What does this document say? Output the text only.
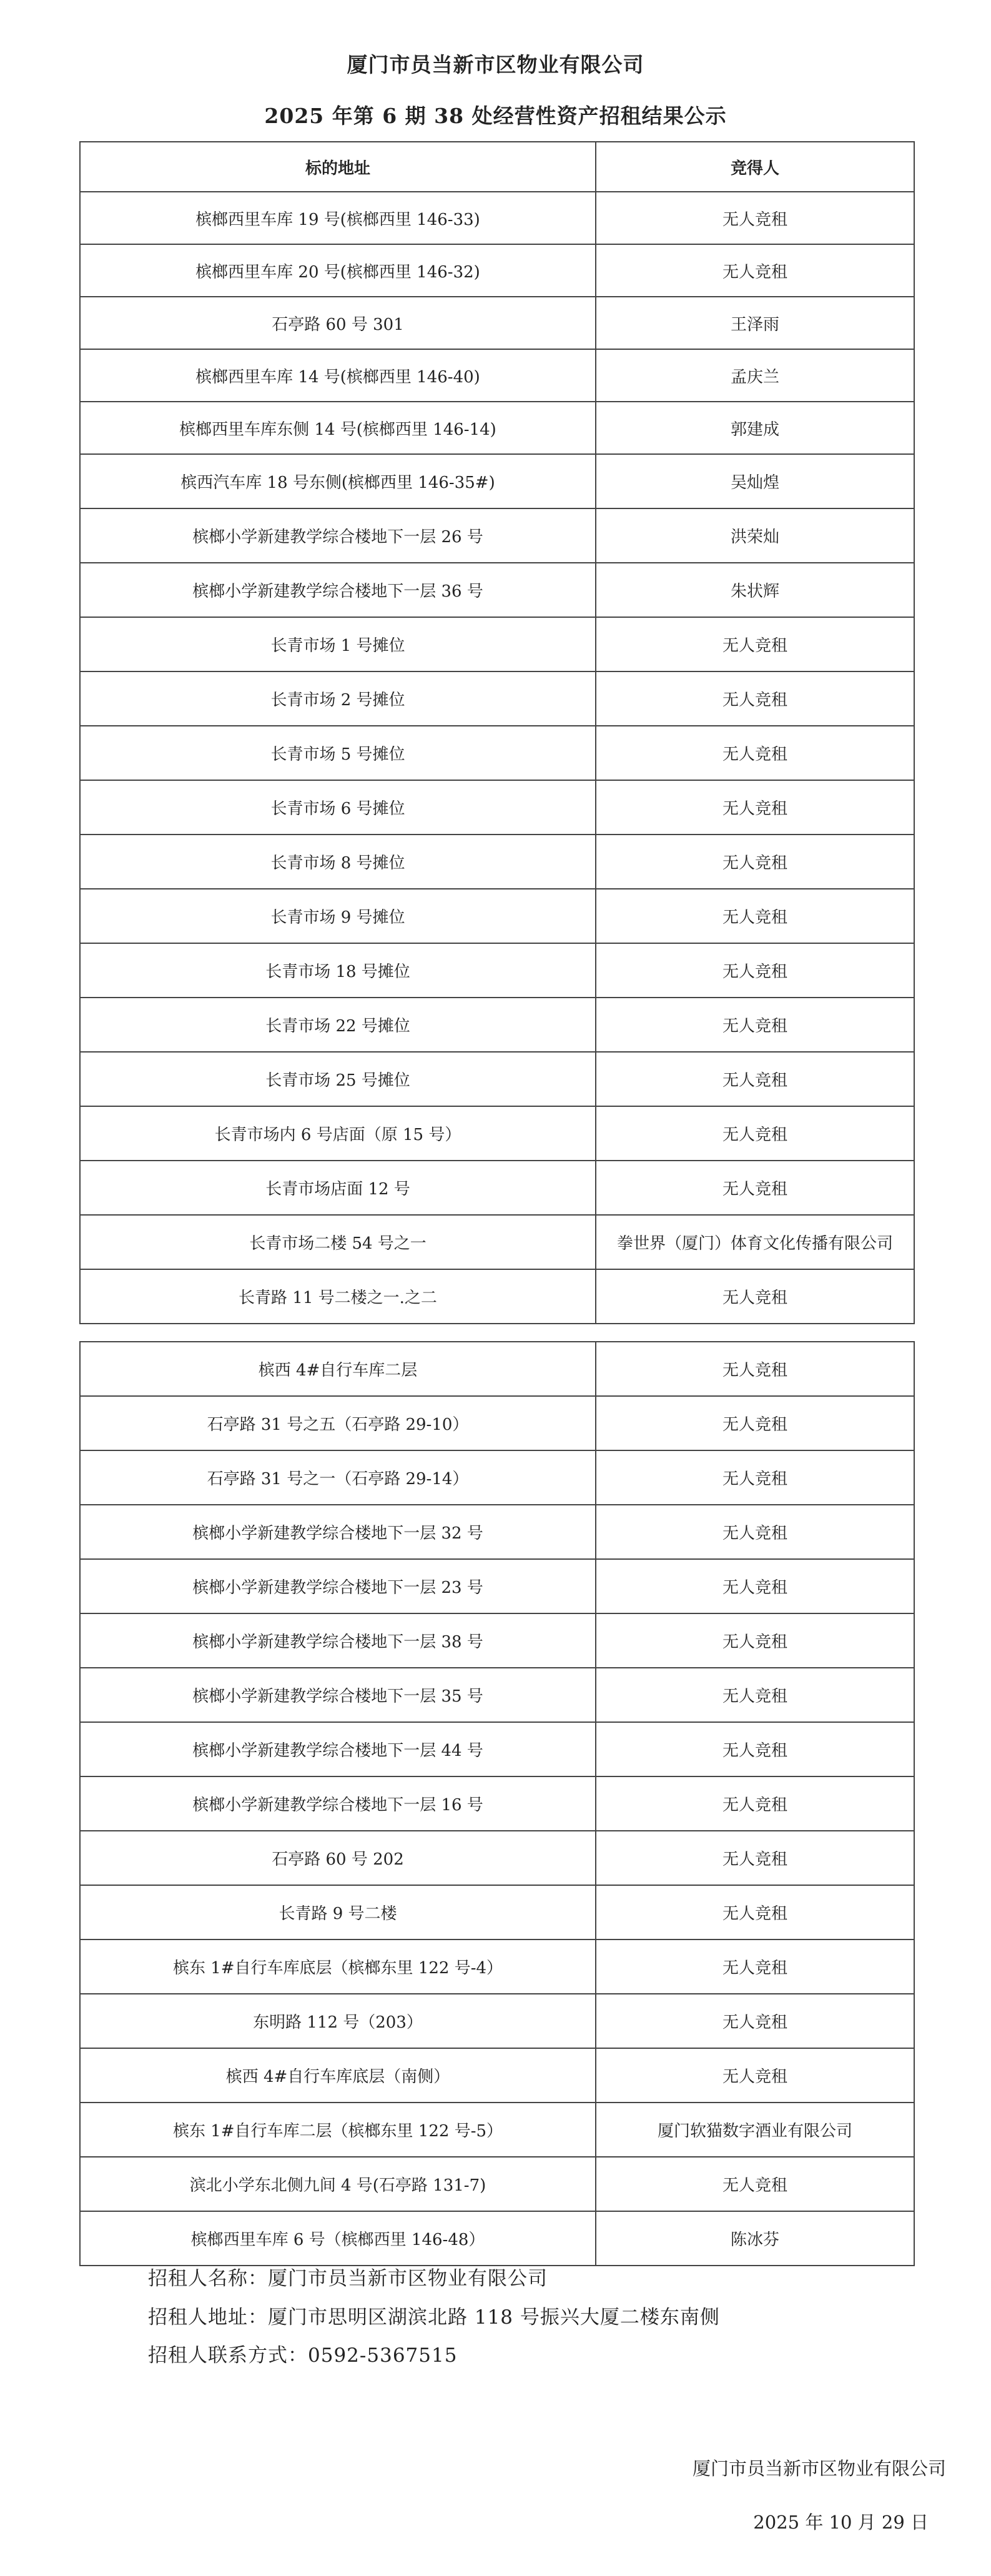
厦门市员当新市区物业有限公司
2025 年第 6 期 38 处经营性资产招租结果公示
标的地址	竞得人
槟榔西里车库 19 号(槟榔西里 146-33)	无人竞租
槟榔西里车库 20 号(槟榔西里 146-32)	无人竞租
石亭路 60 号 301	王泽雨
槟榔西里车库 14 号(槟榔西里 146-40)	孟庆兰
槟榔西里车库东侧 14 号(槟榔西里 146-14)	郭建成
槟西汽车库 18 号东侧(槟榔西里 146-35#)	吴灿煌
槟榔小学新建教学综合楼地下一层 26 号	洪荣灿
槟榔小学新建教学综合楼地下一层 36 号	朱状辉
长青市场 1 号摊位	无人竞租
长青市场 2 号摊位	无人竞租
长青市场 5 号摊位	无人竞租
长青市场 6 号摊位	无人竞租
长青市场 8 号摊位	无人竞租
长青市场 9 号摊位	无人竞租
长青市场 18 号摊位	无人竞租
长青市场 22 号摊位	无人竞租
长青市场 25 号摊位	无人竞租
长青市场内 6 号店面（原 15 号）	无人竞租
长青市场店面 12 号	无人竞租
长青市场二楼 54 号之一	拳世界（厦门）体育文化传播有限公司
长青路 11 号二楼之一.之二	无人竞租
槟西 4#自行车库二层	无人竞租
石亭路 31 号之五（石亭路 29-10）	无人竞租
石亭路 31 号之一（石亭路 29-14）	无人竞租
槟榔小学新建教学综合楼地下一层 32 号	无人竞租
槟榔小学新建教学综合楼地下一层 23 号	无人竞租
槟榔小学新建教学综合楼地下一层 38 号	无人竞租
槟榔小学新建教学综合楼地下一层 35 号	无人竞租
槟榔小学新建教学综合楼地下一层 44 号	无人竞租
槟榔小学新建教学综合楼地下一层 16 号	无人竞租
石亭路 60 号 202	无人竞租
长青路 9 号二楼	无人竞租
槟东 1#自行车库底层（槟榔东里 122 号-4）	无人竞租
东明路 112 号（203）	无人竞租
槟西 4#自行车库底层（南侧）	无人竞租
槟东 1#自行车库二层（槟榔东里 122 号-5）	厦门软猫数字酒业有限公司
滨北小学东北侧九间 4 号(石亭路 131-7)	无人竞租
槟榔西里车库 6 号（槟榔西里 146-48）	陈冰芬
招租人名称：厦门市员当新市区物业有限公司
招租人地址：厦门市思明区湖滨北路 118 号振兴大厦二楼东南侧
招租人联系方式：0592-5367515
厦门市员当新市区物业有限公司
2025 年 10 月 29 日
